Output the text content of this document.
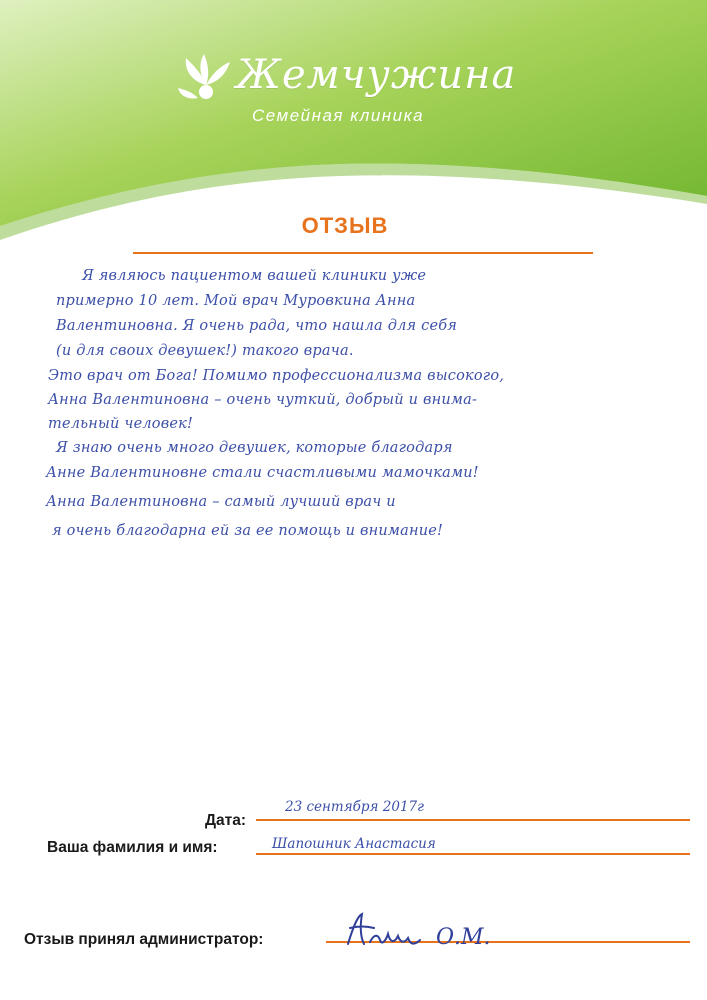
Жемчужина
Семейная клиника
ОТЗЫВ
Я являюсь пациентом вашей клиники уже
примерно 10 лет. Мой врач Муровкина Анна
Валентиновна. Я очень рада, что нашла для себя
(и для своих девушек!) такого врача.
Это врач от Бога! Помимо профессионализма высокого,
Анна Валентиновна – очень чуткий, добрый и внима-
тельный человек!
Я знаю очень много девушек, которые благодаря
Анне Валентиновне стали счастливыми мамочками!
Анна Валентиновна – самый лучший врач и
я очень благодарна ей за ее помощь и внимание!
Дата:
23 сентября 2017г
Ваша фамилия и имя:	Шапошник Анастасия
Отзыв принял администратор:	О.М.
